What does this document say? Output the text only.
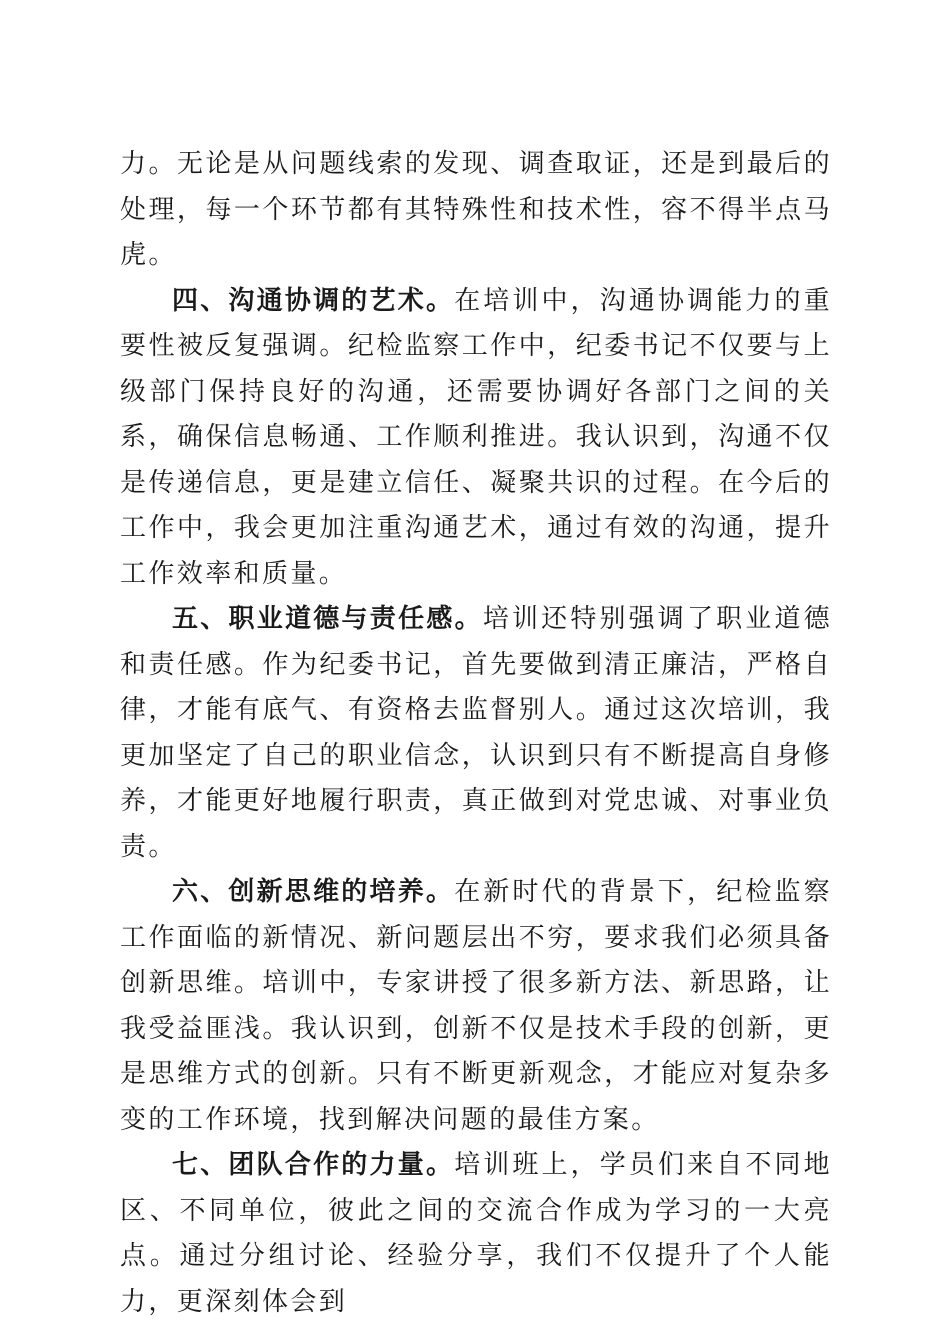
力。无论是从问题线索的发现、调查取证，还是到最后的处理，每一个环节都有其特殊性和技术性，容不得半点马虎。

四、沟通协调的艺术。在培训中，沟通协调能力的重要性被反复强调。纪检监察工作中，纪委书记不仅要与上级部门保持良好的沟通，还需要协调好各部门之间的关系，确保信息畅通、工作顺利推进。我认识到，沟通不仅是传递信息，更是建立信任、凝聚共识的过程。在今后的工作中，我会更加注重沟通艺术，通过有效的沟通，提升工作效率和质量。

五、职业道德与责任感。培训还特别强调了职业道德和责任感。作为纪委书记，首先要做到清正廉洁，严格自律，才能有底气、有资格去监督别人。通过这次培训，我更加坚定了自己的职业信念，认识到只有不断提高自身修养，才能更好地履行职责，真正做到对党忠诚、对事业负责。

六、创新思维的培养。在新时代的背景下，纪检监察工作面临的新情况、新问题层出不穷，要求我们必须具备创新思维。培训中，专家讲授了很多新方法、新思路，让我受益匪浅。我认识到，创新不仅是技术手段的创新，更是思维方式的创新。只有不断更新观念，才能应对复杂多变的工作环境，找到解决问题的最佳方案。

七、团队合作的力量。培训班上，学员们来自不同地区、不同单位，彼此之间的交流合作成为学习的一大亮点。通过分组讨论、经验分享，我们不仅提升了个人能力，更深刻体会到
